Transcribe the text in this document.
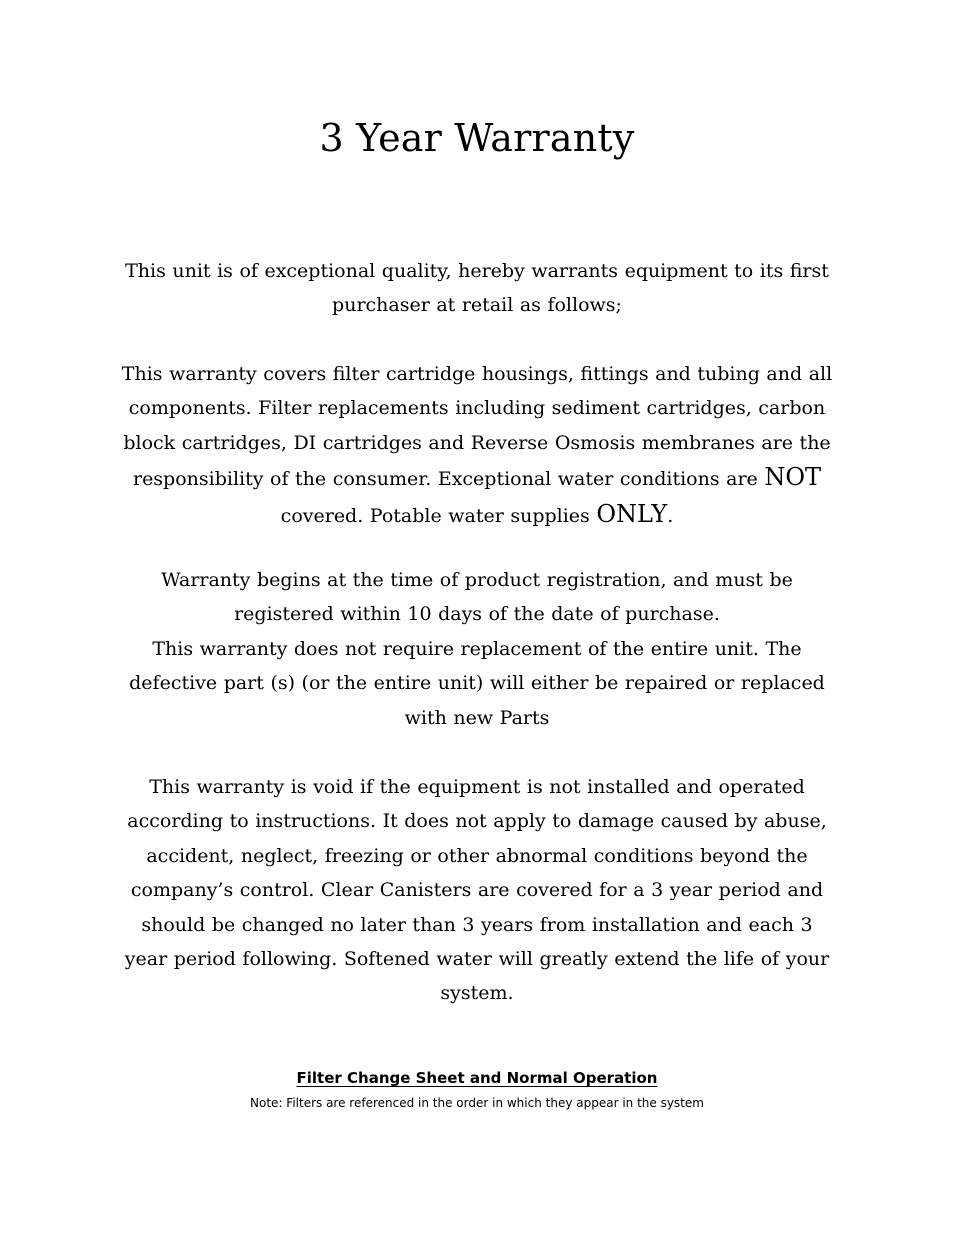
3 Year Warranty
This unit is of exceptional quality, hereby warrants equipment to its first purchaser at retail as follows;
This warranty covers filter cartridge housings, fittings and tubing and all components. Filter replacements including sediment cartridges, carbon block cartridges, DI cartridges and Reverse Osmosis membranes are the responsibility of the consumer. Exceptional water conditions are NOT covered. Potable water supplies ONLY.
Warranty begins at the time of product registration, and must be registered within 10 days of the date of purchase.
This warranty does not require replacement of the entire unit. The defective part (s) (or the entire unit) will either be repaired or replaced with new Parts
This warranty is void if the equipment is not installed and operated according to instructions. It does not apply to damage caused by abuse, accident, neglect, freezing or other abnormal conditions beyond the company’s control. Clear Canisters are covered for a 3 year period and should be changed no later than 3 years from installation and each 3 year period following. Softened water will greatly extend the life of your system.
Filter Change Sheet and Normal Operation
Note: Filters are referenced in the order in which they appear in the system
